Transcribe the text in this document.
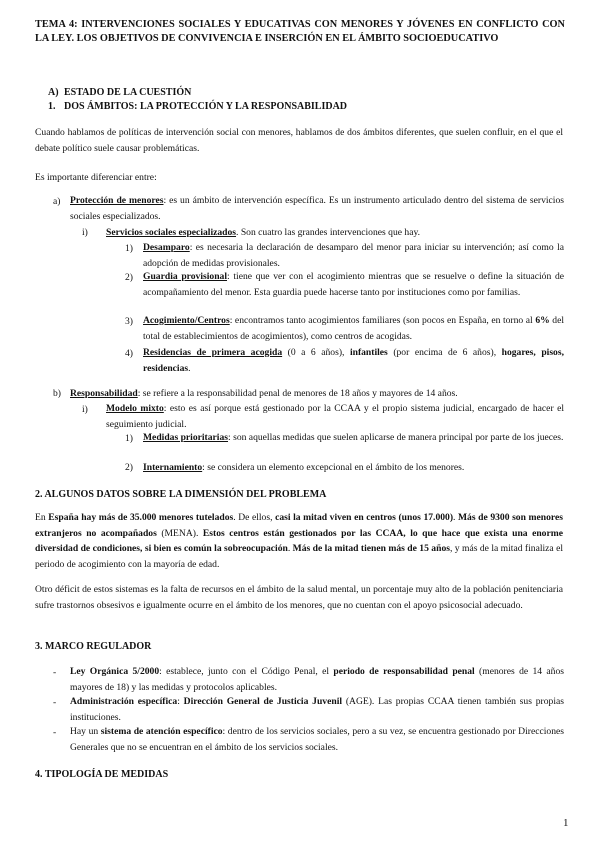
TEMA 4: INTERVENCIONES SOCIALES Y EDUCATIVAS CON MENORES Y JÓVENES EN CONFLICTO CON LA LEY. LOS OBJETIVOS DE CONVIVENCIA E INSERCIÓN EN EL ÁMBITO SOCIOEDUCATIVO

A) ESTADO DE LA CUESTIÓN

1. DOS ÁMBITOS: LA PROTECCIÓN Y LA RESPONSABILIDAD

Cuando hablamos de políticas de intervención social con menores, hablamos de dos ámbitos diferentes, que suelen confluir, en el que el debate político suele causar problemáticas.

Es importante diferenciar entre:

a) Protección de menores: es un ámbito de intervención específica. Es un instrumento articulado dentro del sistema de servicios sociales especializados.

i) Servicios sociales especializados. Son cuatro las grandes intervenciones que hay.

1) Desamparo: es necesaria la declaración de desamparo del menor para iniciar su intervención; así como la adopción de medidas provisionales.

2) Guardia provisional: tiene que ver con el acogimiento mientras que se resuelve o define la situación de acompañamiento del menor. Esta guardia puede hacerse tanto por instituciones como por familias.

3) Acogimiento/Centros: encontramos tanto acogimientos familiares (son pocos en España, en torno al 6% del total de establecimientos de acogimientos), como centros de acogidas.

4) Residencias de primera acogida (0 a 6 años), infantiles (por encima de 6 años), hogares, pisos, residencias.

b) Responsabilidad: se refiere a la responsabilidad penal de menores de 18 años y mayores de 14 años.

i) Modelo mixto: esto es así porque está gestionado por la CCAA y el propio sistema judicial, encargado de hacer el seguimiento judicial.

1) Medidas prioritarias: son aquellas medidas que suelen aplicarse de manera principal por parte de los jueces.

2) Internamiento: se considera un elemento excepcional en el ámbito de los menores.

2. ALGUNOS DATOS SOBRE LA DIMENSIÓN DEL PROBLEMA

En España hay más de 35.000 menores tutelados. De ellos, casi la mitad viven en centros (unos 17.000). Más de 9300 son menores extranjeros no acompañados (MENA). Estos centros están gestionados por las CCAA, lo que hace que exista una enorme diversidad de condiciones, si bien es común la sobreocupación. Más de la mitad tienen más de 15 años, y más de la mitad finaliza el periodo de acogimiento con la mayoría de edad.

Otro déficit de estos sistemas es la falta de recursos en el ámbito de la salud mental, un porcentaje muy alto de la población penitenciaria sufre trastornos obsesivos e igualmente ocurre en el ámbito de los menores, que no cuentan con el apoyo psicosocial adecuado.

3. MARCO REGULADOR

- Ley Orgánica 5/2000: establece, junto con el Código Penal, el periodo de responsabilidad penal (menores de 14 años mayores de 18) y las medidas y protocolos aplicables.

- Administración específica: Dirección General de Justicia Juvenil (AGE). Las propias CCAA tienen también sus propias instituciones.

- Hay un sistema de atención específico: dentro de los servicios sociales, pero a su vez, se encuentra gestionado por Direcciones Generales que no se encuentran en el ámbito de los servicios sociales.

4. TIPOLOGÍA DE MEDIDAS

1
